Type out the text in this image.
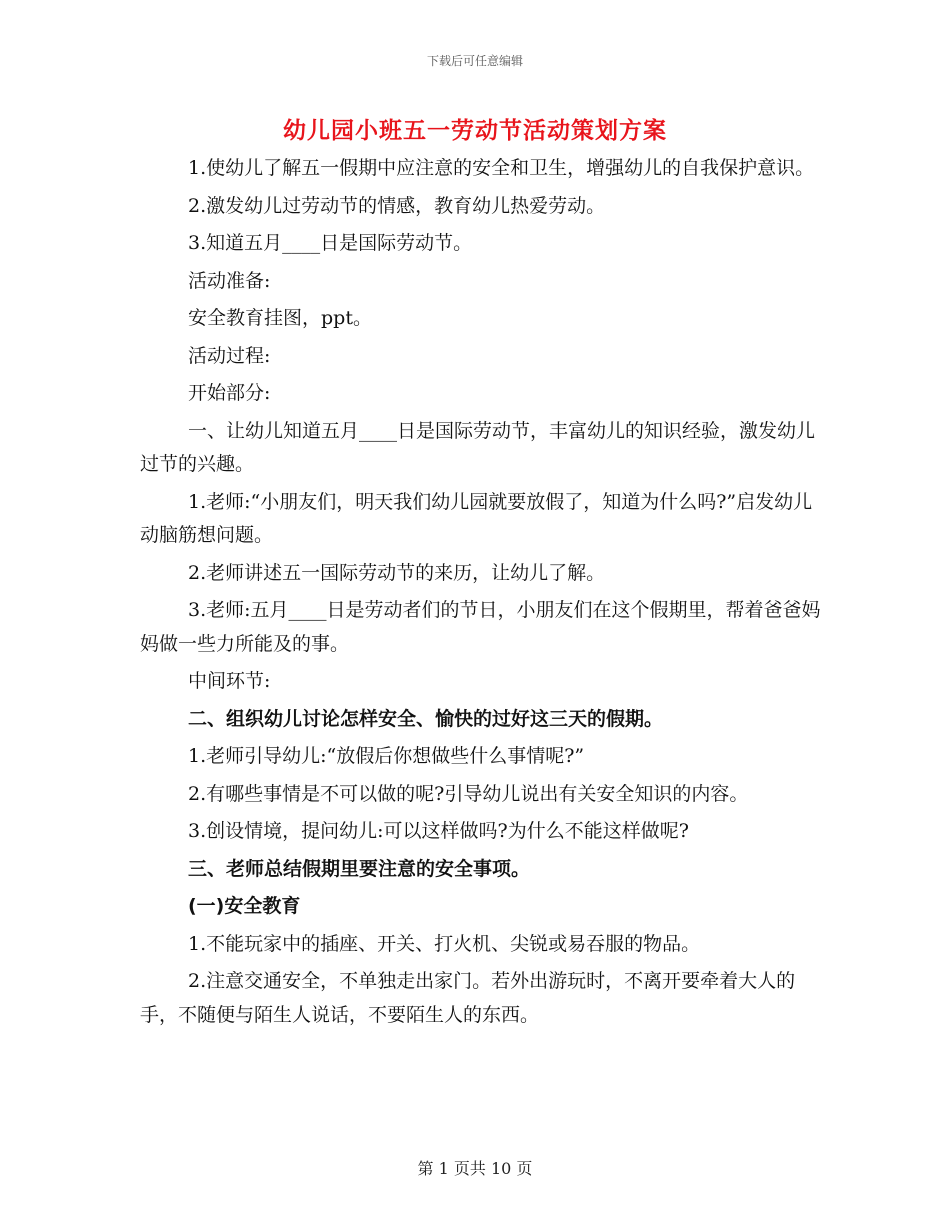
下载后可任意编辑
幼儿园小班五一劳动节活动策划方案

1.使幼儿了解五一假期中应注意的安全和卫生，增强幼儿的自我保护意识。

2.激发幼儿过劳动节的情感，教育幼儿热爱劳动。

3.知道五月____日是国际劳动节。

活动准备:

安全教育挂图，ppt。

活动过程:

开始部分:

一、让幼儿知道五月____日是国际劳动节，丰富幼儿的知识经验，激发幼儿过节的兴趣。

1.老师:“小朋友们，明天我们幼儿园就要放假了，知道为什么吗?”启发幼儿动脑筋想问题。

2.老师讲述五一国际劳动节的来历，让幼儿了解。

3.老师:五月____日是劳动者们的节日，小朋友们在这个假期里，帮着爸爸妈妈做一些力所能及的事。

中间环节:

二、组织幼儿讨论怎样安全、愉快的过好这三天的假期。

1.老师引导幼儿:“放假后你想做些什么事情呢?”

2.有哪些事情是不可以做的呢?引导幼儿说出有关安全知识的内容。

3.创设情境，提问幼儿:可以这样做吗?为什么不能这样做呢?

三、老师总结假期里要注意的安全事项。

(一)安全教育

1.不能玩家中的插座、开关、打火机、尖锐或易吞服的物品。

2.注意交通安全，不单独走出家门。若外出游玩时，不离开要牵着大人的手，不随便与陌生人说话，不要陌生人的东西。

第 1 页共 10 页
